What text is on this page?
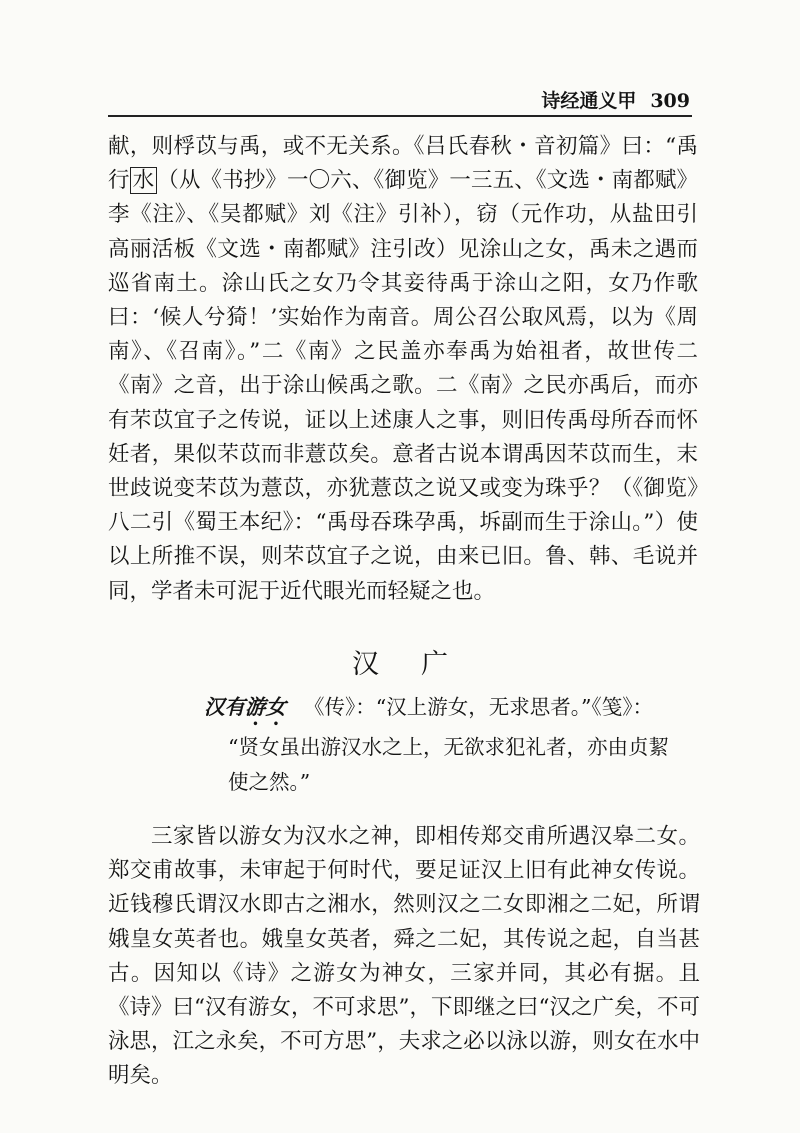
诗经通义甲 309

献，则桴苡与禹，或不无关系。《吕氏春秋・音初篇》曰：“禹行 水 （从《书抄》一〇六、《御览》一三五、《文选・南都赋》李《注》、《吴都赋》刘《注》引补），窃（元作功，从盐田引高丽活板《文选・南都赋》注引改）见涂山之女，禹未之遇而巡省南土。涂山氏之女乃令其妾待禹于涂山之阳，女乃作歌曰：‘候人兮猗！’实始作为南音。周公召公取风焉，以为《周南》、《召南》。”二《南》之民盖亦奉禹为始祖者，故世传二《南》之音，出于涂山候禹之歌。二《南》之民亦禹后，而亦有芣苡宜子之传说，证以上述康人之事，则旧传禹母所吞而怀妊者，果似芣苡而非薏苡矣。意者古说本谓禹因芣苡而生，末世歧说变芣苡为薏苡，亦犹薏苡之说又或变为珠乎？（《御览》八二引《蜀王本纪》：“禹母吞珠孕禹，坼副而生于涂山。”）使以上所推不误，则芣苡宜子之说，由来已旧。鲁、韩、毛说并同，学者未可泥于近代眼光而轻疑之也。

汉广

汉有游女 《传》：“汉上游女，无求思者。”《笺》：

“贤女虽出游汉水之上，无欲求犯礼者，亦由贞絜

使之然。”

三家皆以游女为汉水之神，即相传郑交甫所遇汉皋二女。郑交甫故事，未审起于何时代，要足证汉上旧有此神女传说。近钱穆氏谓汉水即古之湘水，然则汉之二女即湘之二妃，所谓娥皇女英者也。娥皇女英者，舜之二妃，其传说之起，自当甚古。因知以《诗》之游女为神女，三家并同，其必有据。且《诗》曰“汉有游女，不可求思”，下即继之曰“汉之广矣，不可泳思，江之永矣，不可方思”，夫求之必以泳以游，则女在水中明矣。
